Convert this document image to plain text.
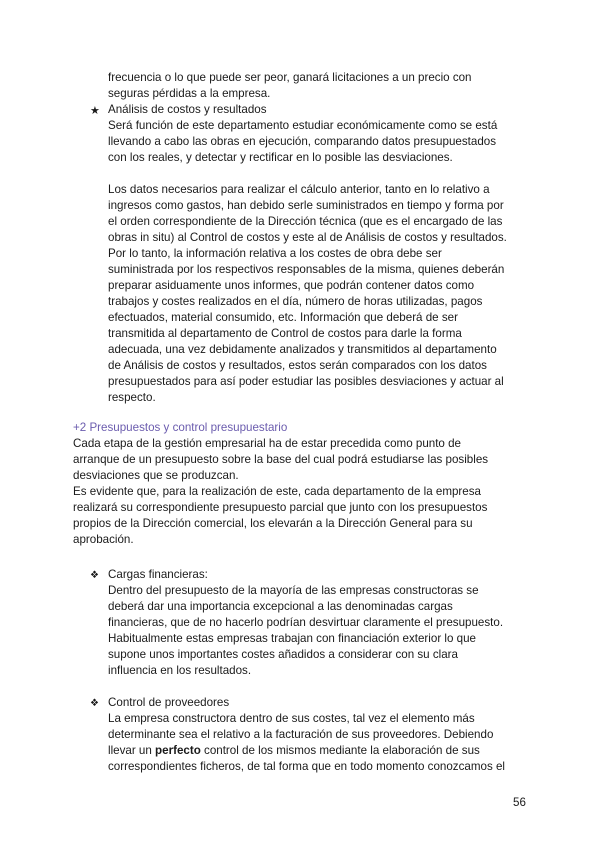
frecuencia o lo que puede ser peor, ganará licitaciones a un precio con
seguras pérdidas a la empresa.
★ Análisis de costos y resultados
Será función de este departamento estudiar económicamente como se está
llevando a cabo las obras en ejecución, comparando datos presupuestados
con los reales, y detectar y rectificar en lo posible las desviaciones.
Los datos necesarios para realizar el cálculo anterior, tanto en lo relativo a
ingresos como gastos, han debido serle suministrados en tiempo y forma por
el orden correspondiente de la Dirección técnica (que es el encargado de las
obras in situ) al Control de costos y este al de Análisis de costos y resultados.
Por lo tanto, la información relativa a los costes de obra debe ser
suministrada por los respectivos responsables de la misma, quienes deberán
preparar asiduamente unos informes, que podrán contener datos como
trabajos y costes realizados en el día, número de horas utilizadas, pagos
efectuados, material consumido, etc. Información que deberá de ser
transmitida al departamento de Control de costos para darle la forma
adecuada, una vez debidamente analizados y transmitidos al departamento
de Análisis de costos y resultados, estos serán comparados con los datos
presupuestados para así poder estudiar las posibles desviaciones y actuar al
respecto.
+2 Presupuestos y control presupuestario
Cada etapa de la gestión empresarial ha de estar precedida como punto de
arranque de un presupuesto sobre la base del cual podrá estudiarse las posibles
desviaciones que se produzcan.
Es evidente que, para la realización de este, cada departamento de la empresa
realizará su correspondiente presupuesto parcial que junto con los presupuestos
propios de la Dirección comercial, los elevarán a la Dirección General para su
aprobación.
❖ Cargas financieras:
Dentro del presupuesto de la mayoría de las empresas constructoras se
deberá dar una importancia excepcional a las denominadas cargas
financieras, que de no hacerlo podrían desvirtuar claramente el presupuesto.
Habitualmente estas empresas trabajan con financiación exterior lo que
supone unos importantes costes añadidos a considerar con su clara
influencia en los resultados.
❖ Control de proveedores
La empresa constructora dentro de sus costes, tal vez el elemento más
determinante sea el relativo a la facturación de sus proveedores. Debiendo
llevar un perfecto control de los mismos mediante la elaboración de sus
correspondientes ficheros, de tal forma que en todo momento conozcamos el
56
